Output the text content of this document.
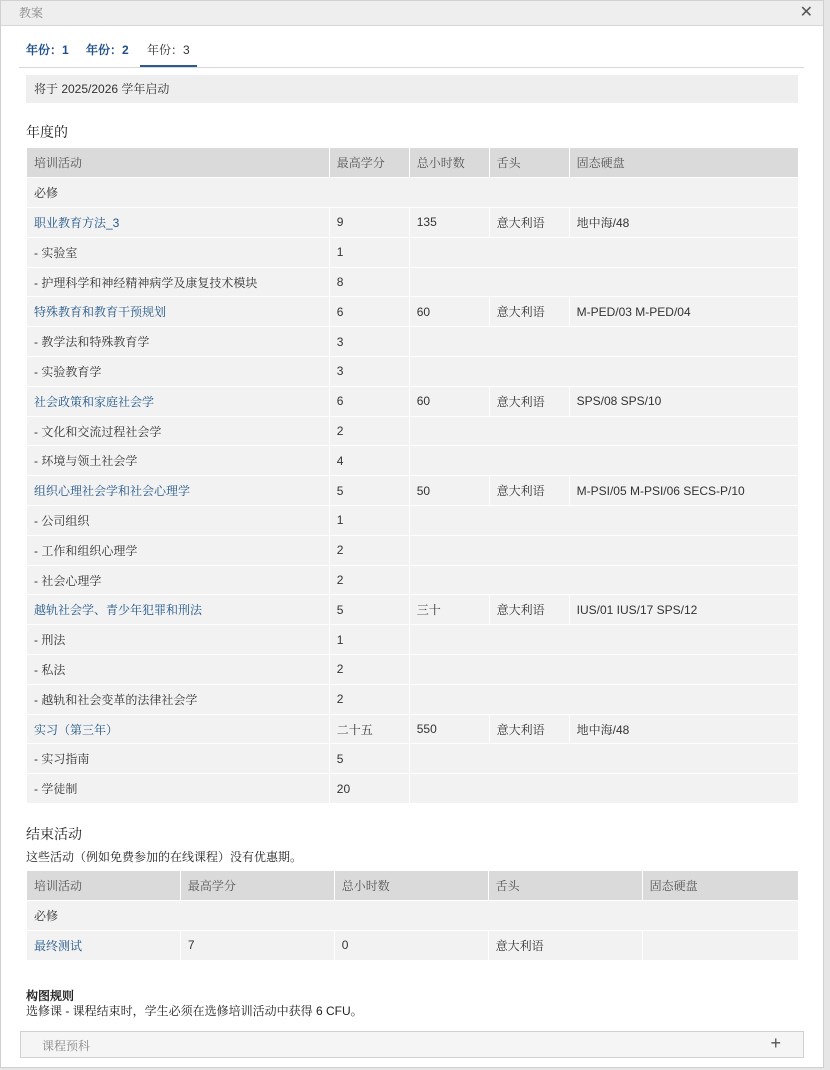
教案	✕
年份：1 年份：2	年份：3
将于 2025/2026 学年启动
年度的
培训活动	最高学分	总小时数	舌头	固态硬盘
必修				
职业教育方法_3	9	135	意大利语	地中海/48
- 实验室	1			
- 护理科学和神经精神病学及康复技术模块	8			
特殊教育和教育干预规划	6	60	意大利语	M-PED/03 M-PED/04
- 教学法和特殊教育学	3			
- 实验教育学	3			
社会政策和家庭社会学	6	60	意大利语	SPS/08 SPS/10
- 文化和交流过程社会学	2			
- 环境与领土社会学	4			
组织心理社会学和社会心理学	5	50	意大利语	M-PSI/05 M-PSI/06 SECS-P/10
- 公司组织	1			
- 工作和组织心理学	2			
- 社会心理学	2			
越轨社会学、青少年犯罪和刑法	5	三十	意大利语	IUS/01 IUS/17 SPS/12
- 刑法	1			
- 私法	2			
- 越轨和社会变革的法律社会学	2			
实习（第三年）	二十五	550	意大利语	地中海/48
- 实习指南	5			
- 学徒制	20			
结束活动
这些活动（例如免费参加的在线课程）没有优惠期。
培训活动	最高学分	总小时数	舌头	固态硬盘
必修				
最终测试	7	0	意大利语	
构图规则
选修课 - 课程结束时，学生必须在选修培训活动中获得 6 CFU。
课程预科	+
